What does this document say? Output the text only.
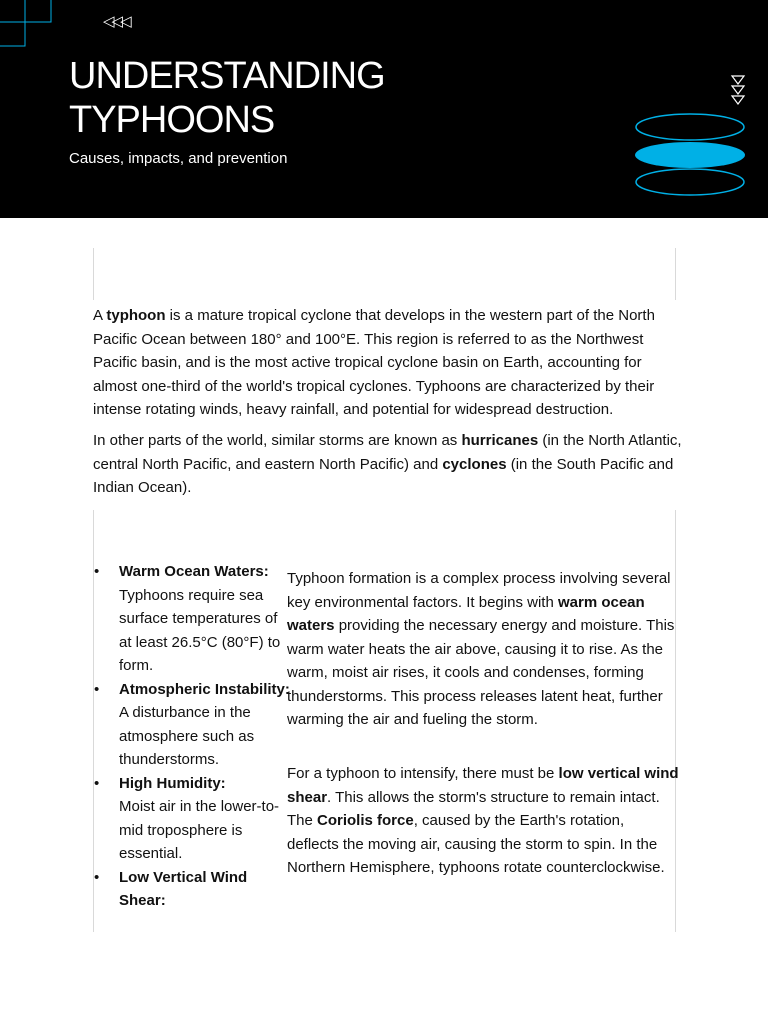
◁◁◁
UNDERSTANDING
TYPHOONS
Causes, impacts, and prevention

A typhoon is a mature tropical cyclone that develops in the western part of the North Pacific Ocean between 180° and 100°E. This region is referred to as the Northwest Pacific basin, and is the most active tropical cyclone basin on Earth, accounting for almost one-third of the world's tropical cyclones. Typhoons are characterized by their intense rotating winds, heavy rainfall, and potential for widespread destruction.

In other parts of the world, similar storms are known as hurricanes (in the North Atlantic, central North Pacific, and eastern North Pacific) and cyclones (in the South Pacific and Indian Ocean).

• Warm Ocean Waters:
Typhoons require sea surface temperatures of at least 26.5°C (80°F) to form.
• Atmospheric Instability:
A disturbance in the atmosphere such as thunderstorms.
• High Humidity:
Moist air in the lower-to-mid troposphere is essential.
• Low Vertical Wind Shear:

Typhoon formation is a complex process involving several key environmental factors. It begins with warm ocean waters providing the necessary energy and moisture. This warm water heats the air above, causing it to rise. As the warm, moist air rises, it cools and condenses, forming thunderstorms. This process releases latent heat, further warming the air and fueling the storm.

For a typhoon to intensify, there must be low vertical wind shear. This allows the storm's structure to remain intact. The Coriolis force, caused by the Earth's rotation, deflects the moving air, causing the storm to spin. In the Northern Hemisphere, typhoons rotate counterclockwise.
